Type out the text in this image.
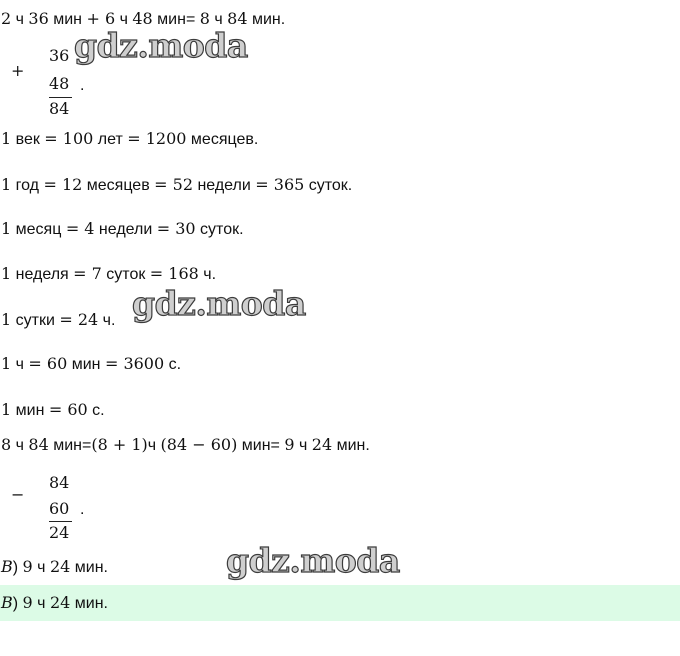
2 ч 36 мин + 6 ч 48 мин= 8 ч 84 мин.
+
36
48
84
.
1 век = 100 лет = 1200 месяцев.
1 год = 12 месяцев = 52 недели = 365 суток.
1 месяц = 4 недели = 30 суток.
1 неделя = 7 суток = 168 ч.
1 сутки = 24 ч.
1 ч = 60 мин = 3600 с.
1 мин = 60 с.
8 ч 84 мин=(8 + 1)ч (84 − 60) мин= 9 ч 24 мин.
−
84
60
24
.
В) 9 ч 24 мин.
В) 9 ч 24 мин.
gdz.moda
gdz.moda
gdz.moda
